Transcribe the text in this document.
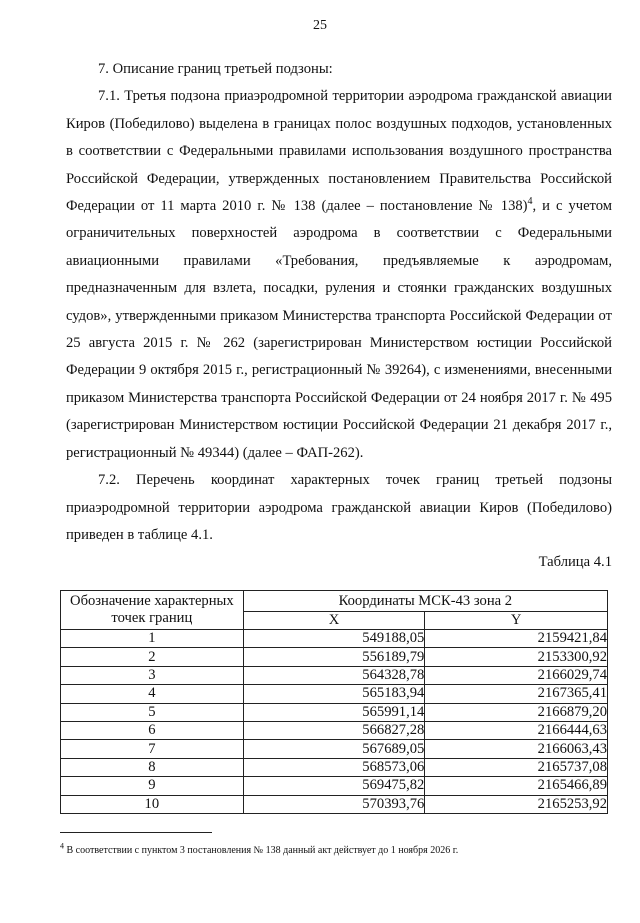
25

7. Описание границ третьей подзоны:

7.1. Третья подзона приаэродромной территории аэродрома гражданской авиации Киров (Победилово) выделена в границах полос воздушных подходов, установленных в соответствии с Федеральными правилами использования воздушного пространства Российской Федерации, утвержденных постановлением Правительства Российской Федерации от 11 марта 2010 г. № 138 (далее – постановление № 138)$^4$, и с учетом ограничительных поверхностей аэродрома в соответствии с Федеральными авиационными правилами «Требования, предъявляемые к аэродромам, предназначенным для взлета, посадки, руления и стоянки гражданских воздушных судов», утвержденными приказом Министерства транспорта Российской Федерации от 25 августа 2015 г. № 262 (зарегистрирован Министерством юстиции Российской Федерации 9 октября 2015 г., регистрационный № 39264), с изменениями, внесенными приказом Министерства транспорта Российской Федерации от 24 ноября 2017 г. № 495 (зарегистрирован Министерством юстиции Российской Федерации 21 декабря 2017 г., регистрационный № 49344) (далее – ФАП-262).

7.2. Перечень координат характерных точек границ третьей подзоны приаэродромной территории аэродрома гражданской авиации Киров (Победилово) приведен в таблице 4.1.

Таблица 4.1

Обозначение характерных точек границ	Координаты МСК-43 зона 2	
	X	Y
1	549188,05	2159421,84
2	556189,79	2153300,92
3	564328,78	2166029,74
4	565183,94	2167365,41
5	565991,14	2166879,20
6	566827,28	2166444,63
7	567689,05	2166063,43
8	568573,06	2165737,08
9	569475,82	2165466,89
10	570393,76	2165253,92
$^4$ В соответствии с пунктом 3 постановления № 138 данный акт действует до 1 ноября 2026 г.
